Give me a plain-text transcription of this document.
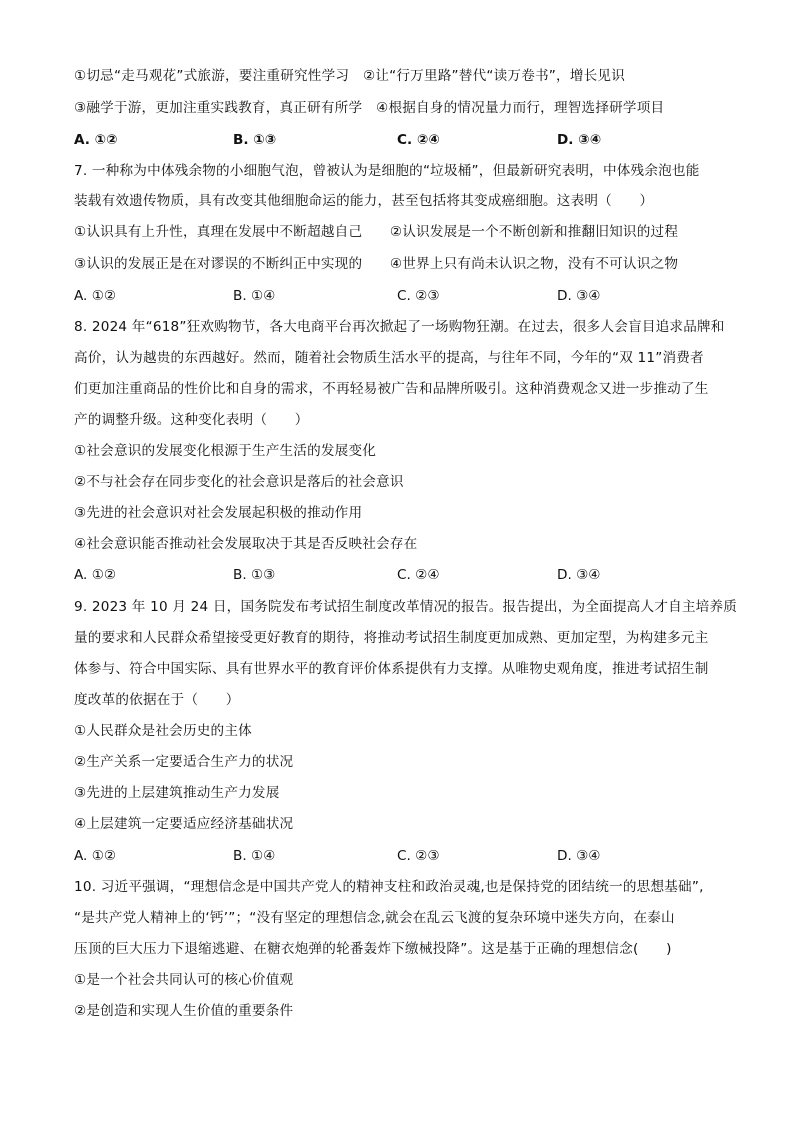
①切忌“走马观花”式旅游，要注重研究性学习　②让“行万里路”替代“读万卷书”，增长见识
③融学于游，更加注重实践教育，真正研有所学　④根据自身的情况量力而行，理智选择研学项目
A. ①②	B. ①③	C. ②④	D. ③④
7. 一种称为中体残余物的小细胞气泡，曾被认为是细胞的“垃圾桶”，但最新研究表明，中体残余泡也能
装载有效遗传物质，具有改变其他细胞命运的能力，甚至包括将其变成癌细胞。这表明（　　）
①认识具有上升性，真理在发展中不断超越自己　　②认识发展是一个不断创新和推翻旧知识的过程
③认识的发展正是在对谬误的不断纠正中实现的　　④世界上只有尚未认识之物，没有不可认识之物
A. ①②	B. ①④	C. ②③	D. ③④
8. 2024 年“618”狂欢购物节，各大电商平台再次掀起了一场购物狂潮。在过去，很多人会盲目追求品牌和
高价，认为越贵的东西越好。然而，随着社会物质生活水平的提高，与往年不同，今年的“双 11”消费者
们更加注重商品的性价比和自身的需求，不再轻易被广告和品牌所吸引。这种消费观念又进一步推动了生
产的调整升级。这种变化表明（　　）
①社会意识的发展变化根源于生产生活的发展变化
②不与社会存在同步变化的社会意识是落后的社会意识
③先进的社会意识对社会发展起积极的推动作用
④社会意识能否推动社会发展取决于其是否反映社会存在
A. ①②	B. ①③	C. ②④	D. ③④
9. 2023 年 10 月 24 日，国务院发布考试招生制度改革情况的报告。报告提出，为全面提高人才自主培养质
量的要求和人民群众希望接受更好教育的期待，将推动考试招生制度更加成熟、更加定型，为构建多元主
体参与、符合中国实际、具有世界水平的教育评价体系提供有力支撑。从唯物史观角度，推进考试招生制
度改革的依据在于（　　）
①人民群众是社会历史的主体
②生产关系一定要适合生产力的状况
③先进的上层建筑推动生产力发展
④上层建筑一定要适应经济基础状况
A. ①②	B. ①④	C. ②③	D. ③④
10. 习近平强调，“理想信念是中国共产党人的精神支柱和政治灵魂,也是保持党的团结统一的思想基础”,
“是共产党人精神上的‘钙’”；“没有坚定的理想信念,就会在乱云飞渡的复杂环境中迷失方向，在泰山
压顶的巨大压力下退缩逃避、在糖衣炮弹的轮番轰炸下缴械投降”。这是基于正确的理想信念(　　)
①是一个社会共同认可的核心价值观
②是创造和实现人生价值的重要条件
